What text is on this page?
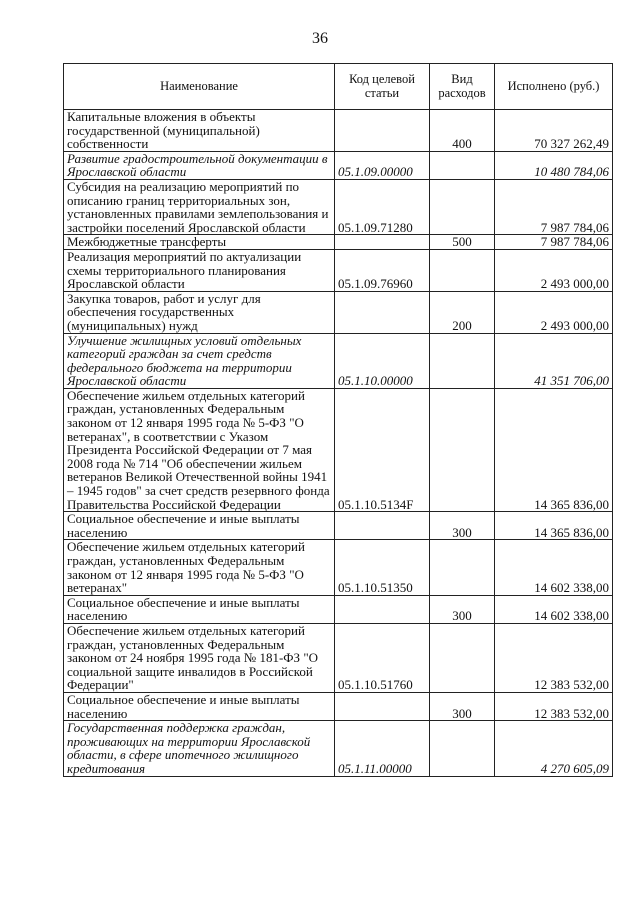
36
Наименование	Код целевой статьи	Вид расходов	Исполнено (руб.)
Капитальные вложения в объекты государственной (муниципальной) собственности		400	70 327 262,49
Развитие градостроительной документации в Ярославской области	05.1.09.00000		10 480 784,06
Субсидия на реализацию мероприятий по описанию границ территориальных зон, установленных правилами землепользования и застройки поселений Ярославской области	05.1.09.71280		7 987 784,06
Межбюджетные трансферты		500	7 987 784,06
Реализация мероприятий по актуализации схемы территориального планирования Ярославской области	05.1.09.76960		2 493 000,00
Закупка товаров, работ и услуг для обеспечения государственных (муниципальных) нужд		200	2 493 000,00
Улучшение жилищных условий отдельных категорий граждан за счет средств федерального бюджета на территории Ярославской области	05.1.10.00000		41 351 706,00
Обеспечение жильем отдельных категорий граждан, установленных Федеральным законом от 12 января 1995 года № 5-ФЗ "О ветеранах", в соответствии с Указом Президента Российской Федерации от 7 мая 2008 года № 714 "Об обеспечении жильем ветеранов Великой Отечественной войны 1941 – 1945 годов" за счет средств резервного фонда Правительства Российской Федерации	05.1.10.5134F		14 365 836,00
Социальное обеспечение и иные выплаты населению		300	14 365 836,00
Обеспечение жильем отдельных категорий граждан, установленных Федеральным законом от 12 января 1995 года № 5-ФЗ "О ветеранах"	05.1.10.51350		14 602 338,00
Социальное обеспечение и иные выплаты населению		300	14 602 338,00
Обеспечение жильем отдельных категорий граждан, установленных Федеральным законом от 24 ноября 1995 года № 181-ФЗ "О социальной защите инвалидов в Российской Федерации"	05.1.10.51760		12 383 532,00
Социальное обеспечение и иные выплаты населению		300	12 383 532,00
Государственная поддержка граждан, проживающих на территории Ярославской области, в сфере ипотечного жилищного кредитования	05.1.11.00000		4 270 605,09
